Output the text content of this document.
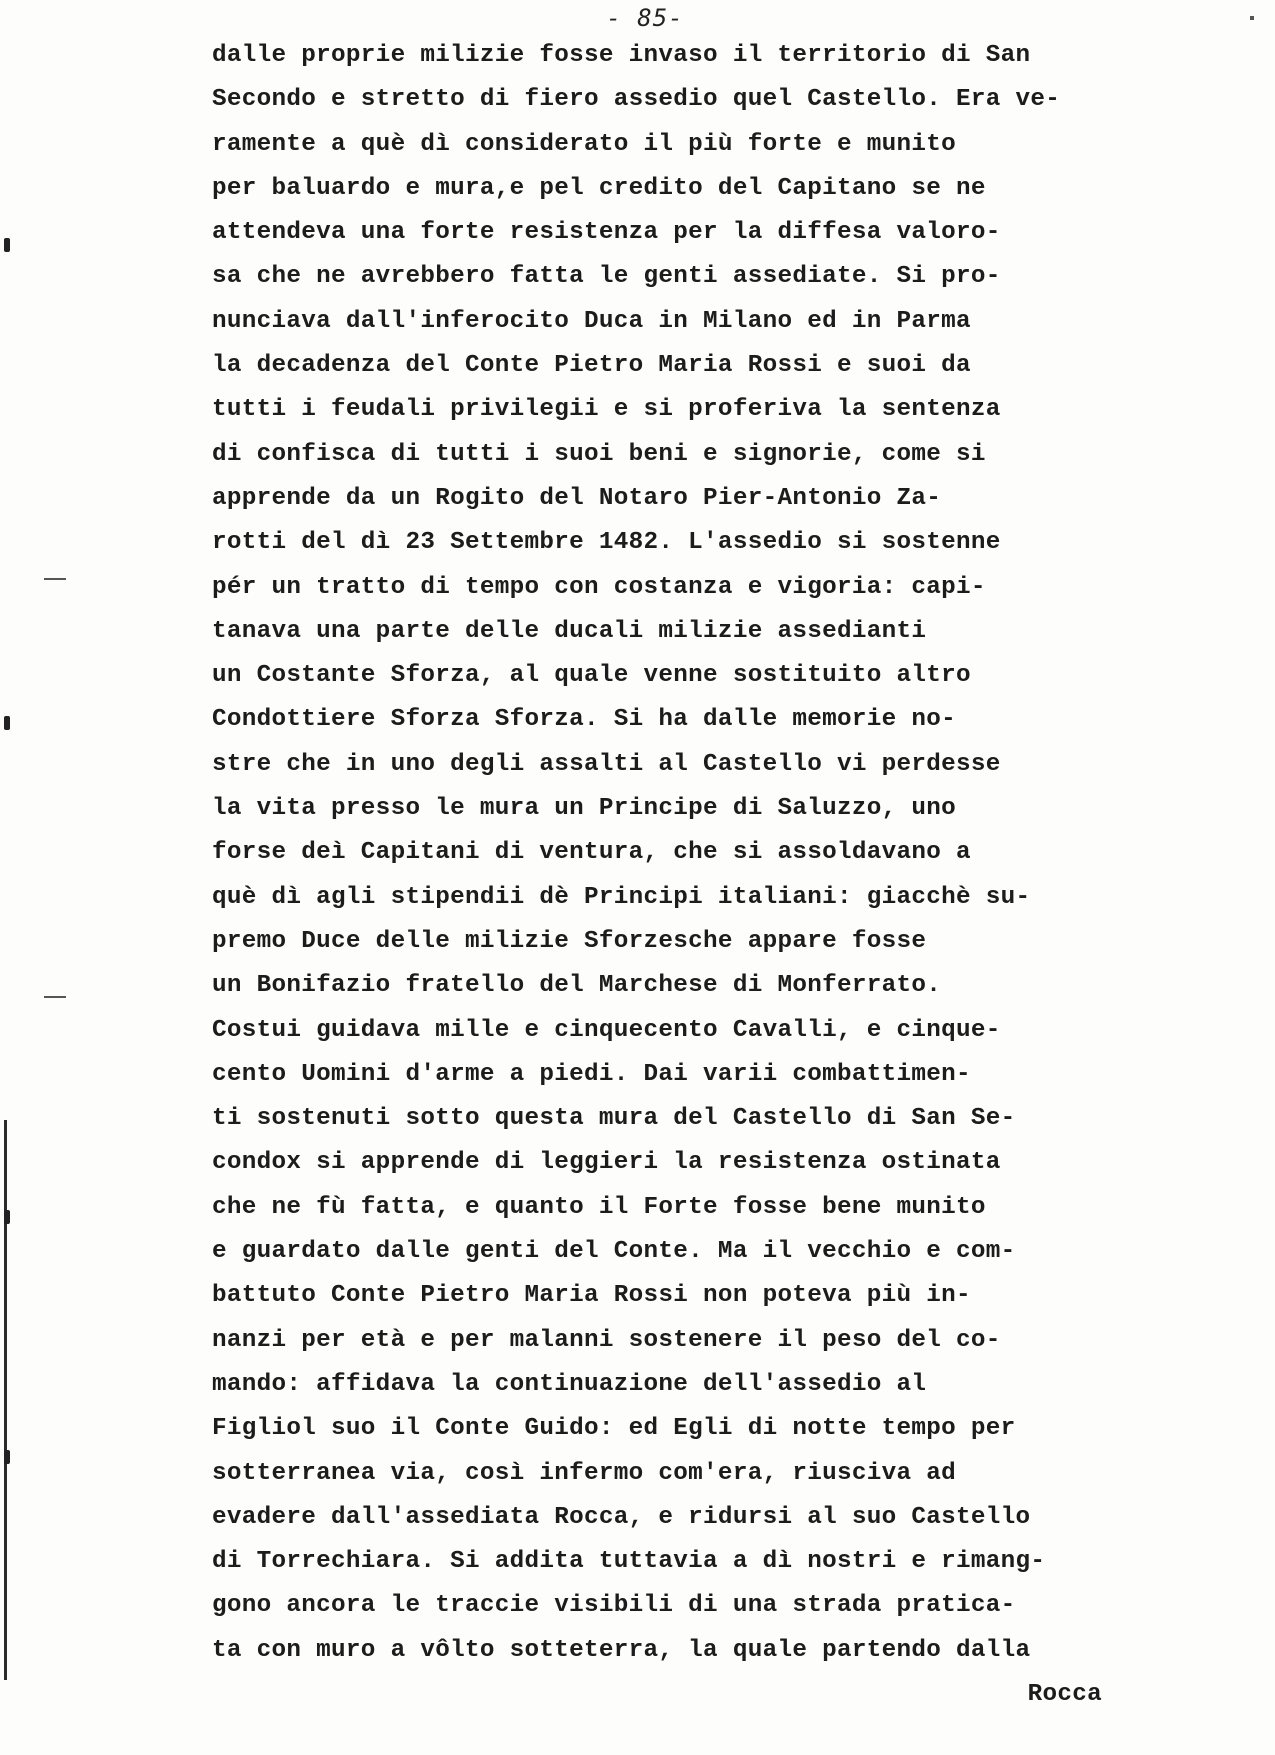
- 85-
dalle proprie milizie fosse invaso il territorio di San
Secondo e stretto di fiero assedio quel Castello. Era ve-
ramente a què dì considerato il più forte e munito
per baluardo e mura,e pel credito del Capitano se ne
attendeva una forte resistenza per la diffesa valoro-
sa che ne avrebbero fatta le genti assediate. Si pro-
nunciava dall'inferocito Duca in Milano ed in Parma
la decadenza del Conte Pietro Maria Rossi e suoi da
tutti i feudali privilegii e si proferiva la sentenza
di confisca di tutti i suoi beni e signorie, come si
apprende da un Rogito del Notaro Pier-Antonio Za-
rotti del dì 23 Settembre 1482. L'assedio si sostenne
pér un tratto di tempo con costanza e vigoria: capi-
tanava una parte delle ducali milizie assedianti
un Costante Sforza, al quale venne sostituito altro
Condottiere Sforza Sforza. Si ha dalle memorie no-
stre che in uno degli assalti al Castello vi perdesse
la vita presso le mura un Principe di Saluzzo, uno
forse deì Capitani di ventura, che si assoldavano a
què dì agli stipendii dè Principi italiani: giacchè su-
premo Duce delle milizie Sforzesche appare fosse
un Bonifazio fratello del Marchese di Monferrato.
Costui guidava mille e cinquecento Cavalli, e cinque-
cento Uomini d'arme a piedi. Dai varii combattimen-
ti sostenuti sotto questa mura del Castello di San Se-
condox si apprende di leggieri la resistenza ostinata
che ne fù fatta, e quanto il Forte fosse bene munito
e guardato dalle genti del Conte. Ma il vecchio e com-
battuto Conte Pietro Maria Rossi non poteva più in-
nanzi per età e per malanni sostenere il peso del co-
mando: affidava la continuazione dell'assedio al
Figliol suo il Conte Guido: ed Egli di notte tempo per
sotterranea via, così infermo com'era, riusciva ad
evadere dall'assediata Rocca, e ridursi al suo Castello
di Torrechiara. Si addita tuttavia a dì nostri e rimang-
gono ancora le traccie visibili di una strada pratica-
ta con muro a vôlto sotteterra, la quale partendo dalla
Rocca
